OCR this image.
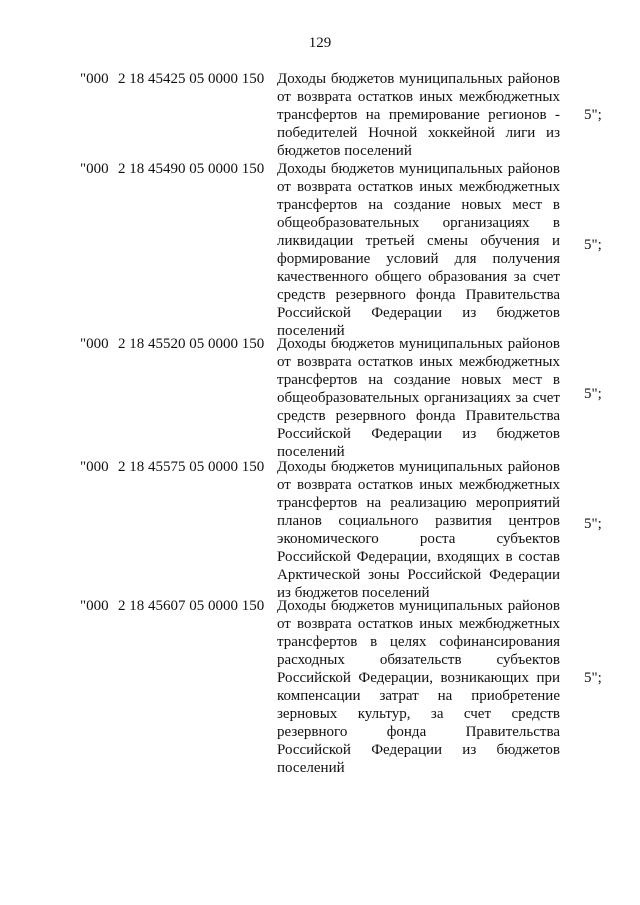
129
"000 2 18 45425 05 0000 150 Доходы бюджетов муниципальных районов
от возврата остатков иных межбюджетных
трансфертов на премирование регионов -
победителей Ночной хоккейной лиги из
бюджетов поселений
5";
"000 2 18 45490 05 0000 150 Доходы бюджетов муниципальных районов
от возврата остатков иных межбюджетных
трансфертов на создание новых мест в
общеобразовательных организациях в
ликвидации третьей смены обучения и
формирование условий для получения
качественного общего образования за счет
средств резервного фонда Правительства
Российской Федерации из бюджетов
поселений
5";
"000 2 18 45520 05 0000 150 Доходы бюджетов муниципальных районов
от возврата остатков иных межбюджетных
трансфертов на создание новых мест в
общеобразовательных организациях за счет
средств резервного фонда Правительства
Российской Федерации из бюджетов
поселений
5";
"000 2 18 45575 05 0000 150 Доходы бюджетов муниципальных районов
от возврата остатков иных межбюджетных
трансфертов на реализацию мероприятий
планов социального развития центров
экономического роста субъектов
Российской Федерации, входящих в состав
Арктической зоны Российской Федерации
из бюджетов поселений
5";
"000 2 18 45607 05 0000 150 Доходы бюджетов муниципальных районов
от возврата остатков иных межбюджетных
трансфертов в целях софинансирования
расходных обязательств субъектов
Российской Федерации, возникающих при
компенсации затрат на приобретение
зерновых культур, за счет средств
резервного фонда Правительства
Российской Федерации из бюджетов
поселений
5";
